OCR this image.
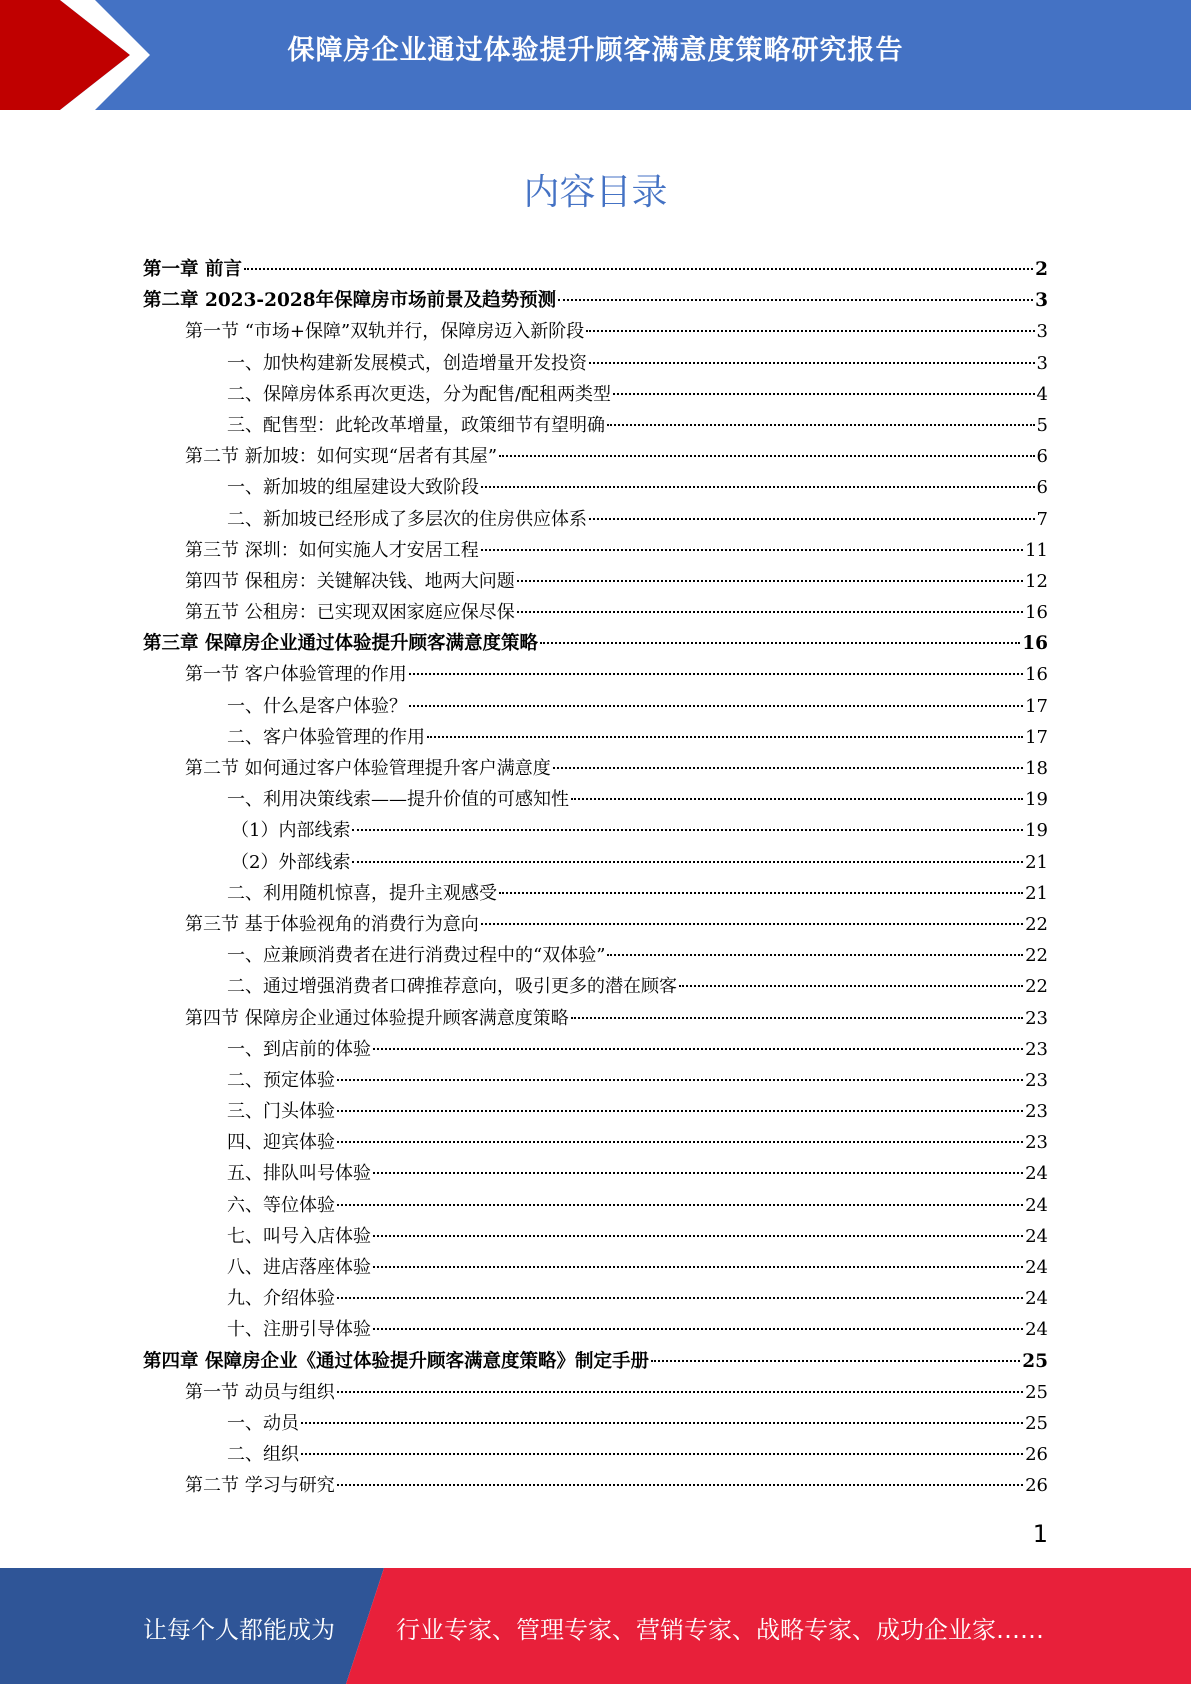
保障房企业通过体验提升顾客满意度策略研究报告
内容目录
第一章 前言	2
第二章 2023-2028年保障房市场前景及趋势预测	3
第一节 “市场+保障”双轨并行，保障房迈入新阶段	3
一、加快构建新发展模式，创造增量开发投资	3
二、保障房体系再次更迭，分为配售/配租两类型	4
三、配售型：此轮改革增量，政策细节有望明确	5
第二节 新加坡：如何实现“居者有其屋”	6
一、新加坡的组屋建设大致阶段	6
二、新加坡已经形成了多层次的住房供应体系	7
第三节 深圳：如何实施人才安居工程	11
第四节 保租房：关键解决钱、地两大问题	12
第五节 公租房：已实现双困家庭应保尽保	16
第三章 保障房企业通过体验提升顾客满意度策略	16
第一节 客户体验管理的作用	16
一、什么是客户体验？	17
二、客户体验管理的作用	17
第二节 如何通过客户体验管理提升客户满意度	18
一、利用决策线索——提升价值的可感知性	19
（1）内部线索	19
（2）外部线索	21
二、利用随机惊喜，提升主观感受	21
第三节 基于体验视角的消费行为意向	22
一、应兼顾消费者在进行消费过程中的“双体验”	22
二、通过增强消费者口碑推荐意向，吸引更多的潜在顾客	22
第四节 保障房企业通过体验提升顾客满意度策略	23
一、到店前的体验	23
二、预定体验	23
三、门头体验	23
四、迎宾体验	23
五、排队叫号体验	24
六、等位体验	24
七、叫号入店体验	24
八、进店落座体验	24
九、介绍体验	24
十、注册引导体验	24
第四章 保障房企业《通过体验提升顾客满意度策略》制定手册	25
第一节 动员与组织	25
一、动员	25
二、组织	26
第二节 学习与研究	26
1
让每个人都能成为	行业专家、管理专家、营销专家、战略专家、成功企业家……
